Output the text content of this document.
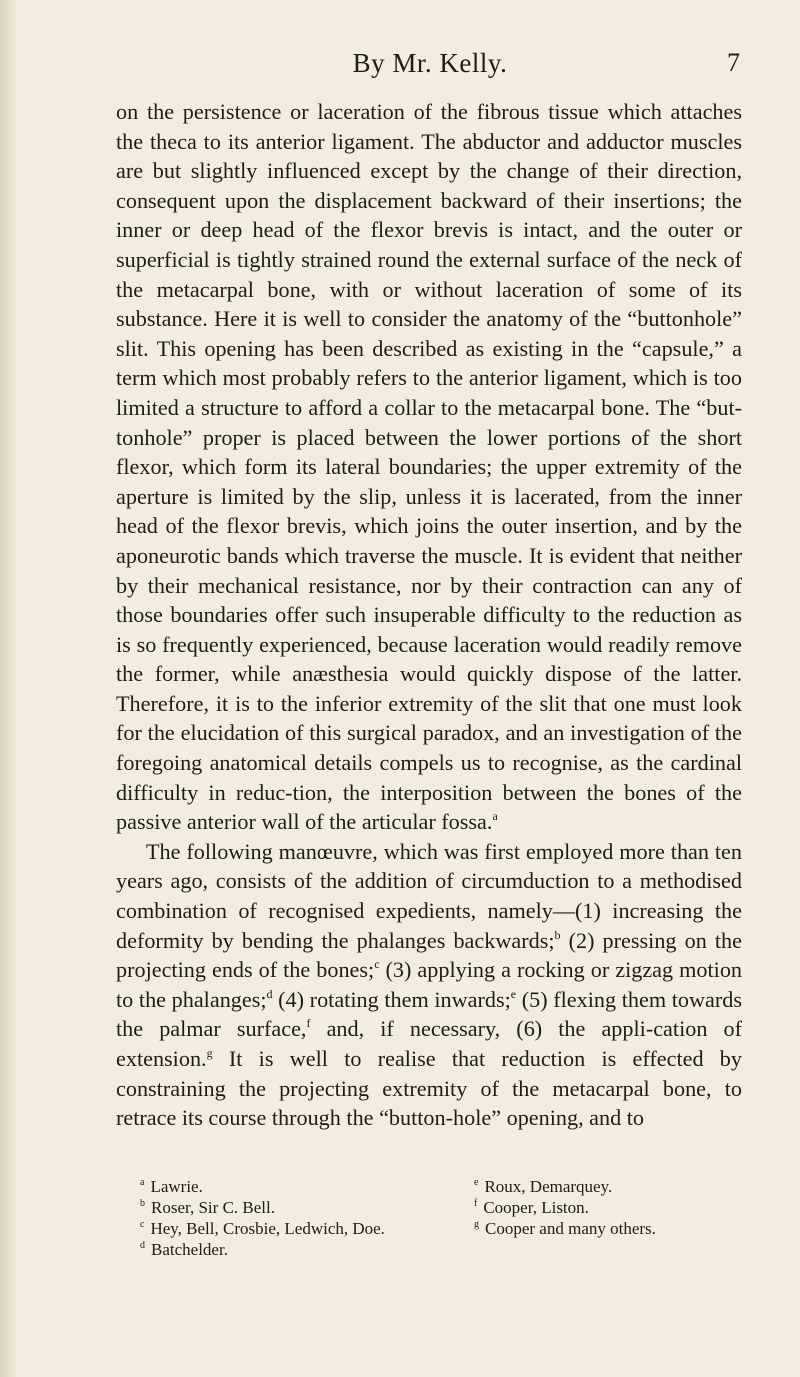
By Mr. Kelly.	7

on the persistence or laceration of the fibrous tissue which attaches the theca to its anterior ligament. The abductor and adductor muscles are but slightly influenced except by the change of their direction, consequent upon the displacement backward of their insertions; the inner or deep head of the flexor brevis is intact, and the outer or superficial is tightly strained round the external surface of the neck of the metacarpal bone, with or without laceration of some of its substance. Here it is well to consider the anatomy of the “buttonhole” slit. This opening has been described as existing in the “capsule,” a term which most probably refers to the anterior ligament, which is too limited a structure to afford a collar to the metacarpal bone. The “but-tonhole” proper is placed between the lower portions of the short flexor, which form its lateral boundaries; the upper extremity of the aperture is limited by the slip, unless it is lacerated, from the inner head of the flexor brevis, which joins the outer insertion, and by the aponeurotic bands which traverse the muscle. It is evident that neither by their mechanical resistance, nor by their contraction can any of those boundaries offer such insuperable difficulty to the reduction as is so frequently experienced, because laceration would readily remove the former, while anæsthesia would quickly dispose of the latter. Therefore, it is to the inferior extremity of the slit that one must look for the elucidation of this surgical paradox, and an investigation of the foregoing anatomical details compels us to recognise, as the cardinal difficulty in reduc-tion, the interposition between the bones of the passive anterior wall of the articular fossa.$^a$

The following manœuvre, which was first employed more than ten years ago, consists of the addition of circumduction to a methodised combination of recognised expedients, namely—(1) increasing the deformity by bending the phalanges backwards;$^b$ (2) pressing on the projecting ends of the bones;$^c$ (3) applying a rocking or zigzag motion to the phalanges;$^d$ (4) rotating them inwards;$^e$ (5) flexing them towards the palmar surface,$^f$ and, if necessary, (6) the appli-cation of extension.$^g$ It is well to realise that reduction is effected by constraining the projecting extremity of the metacarpal bone, to retrace its course through the “button-hole” opening, and to

$^a$ Lawrie.
$^b$ Roser, Sir C. Bell.
$^c$ Hey, Bell, Crosbie, Ledwich, Doe.
$^d$ Batchelder.
$^e$ Roux, Demarquey.
$^f$ Cooper, Liston.
$^g$ Cooper and many others.
